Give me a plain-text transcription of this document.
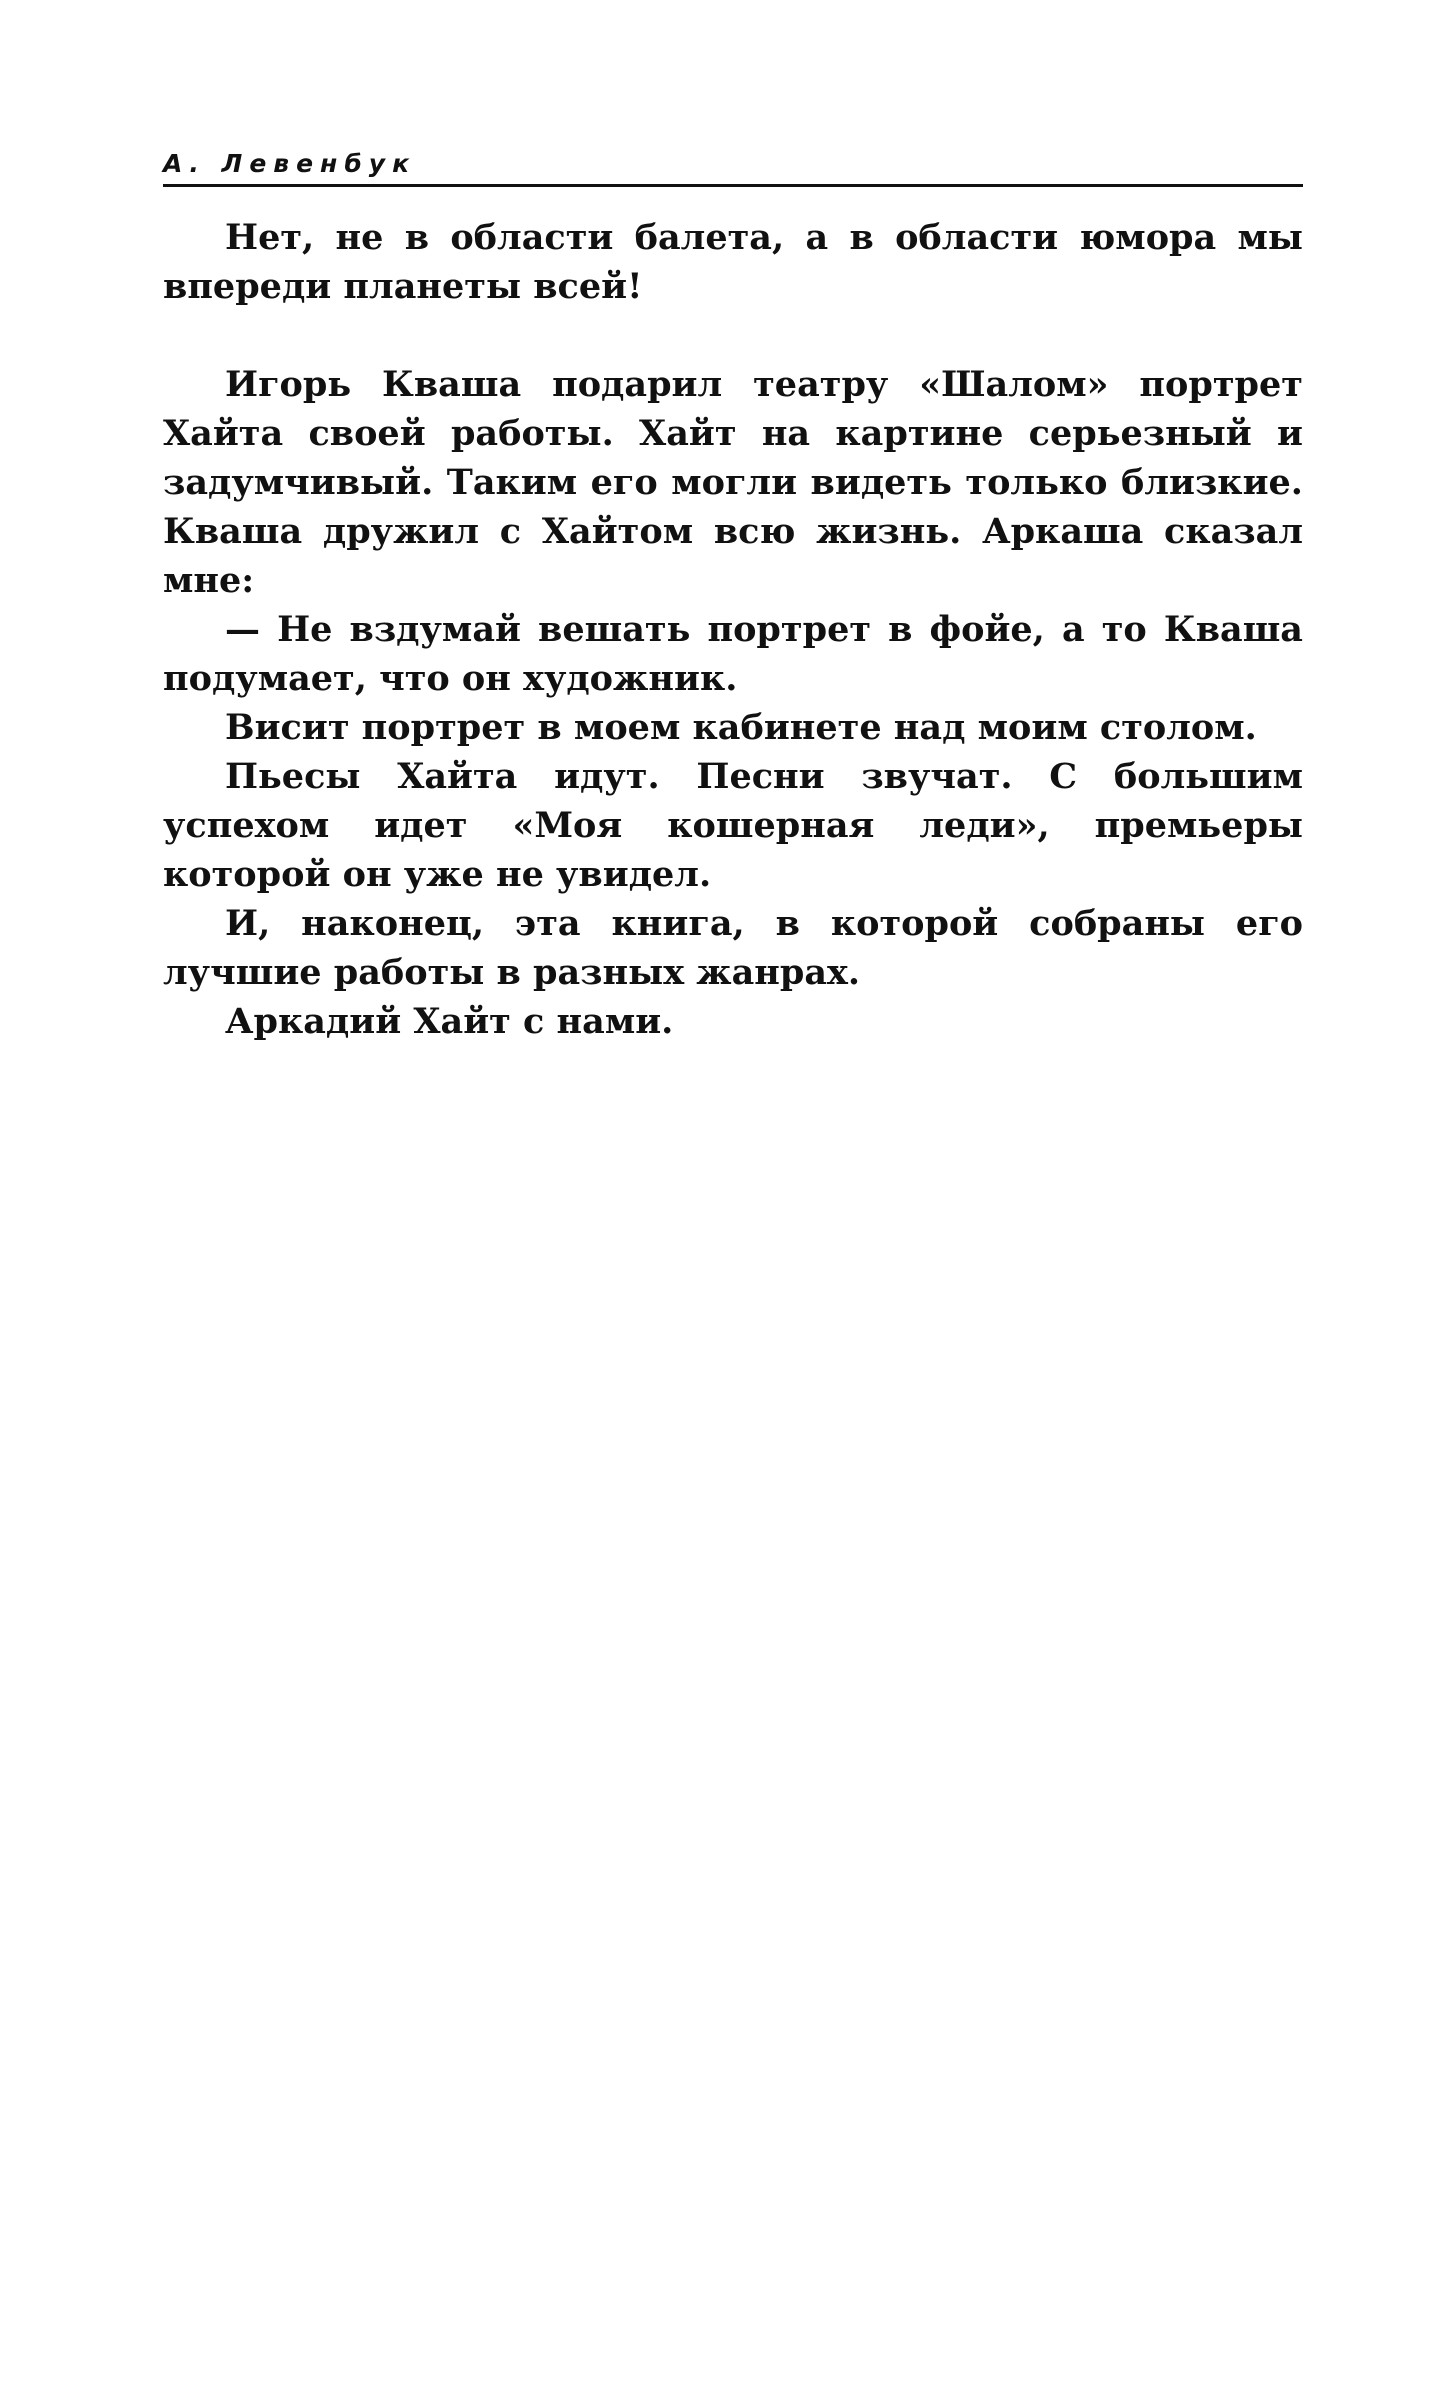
А. Левенбук

Нет, не в области балета, а в области юмора мы впереди планеты всей!

Игорь Кваша подарил театру «Шалом» портрет Хайта своей работы. Хайт на картине серьезный и задумчивый. Таким его могли видеть только близкие. Кваша дружил с Хайтом всю жизнь. Аркаша сказал мне:

— Не вздумай вешать портрет в фойе, а то Кваша подумает, что он художник.

Висит портрет в моем кабинете над моим столом.

Пьесы Хайта идут. Песни звучат. С большим успехом идет «Моя кошерная леди», премьеры которой он уже не увидел.

И, наконец, эта книга, в которой собраны его лучшие работы в разных жанрах.

Аркадий Хайт с нами.
